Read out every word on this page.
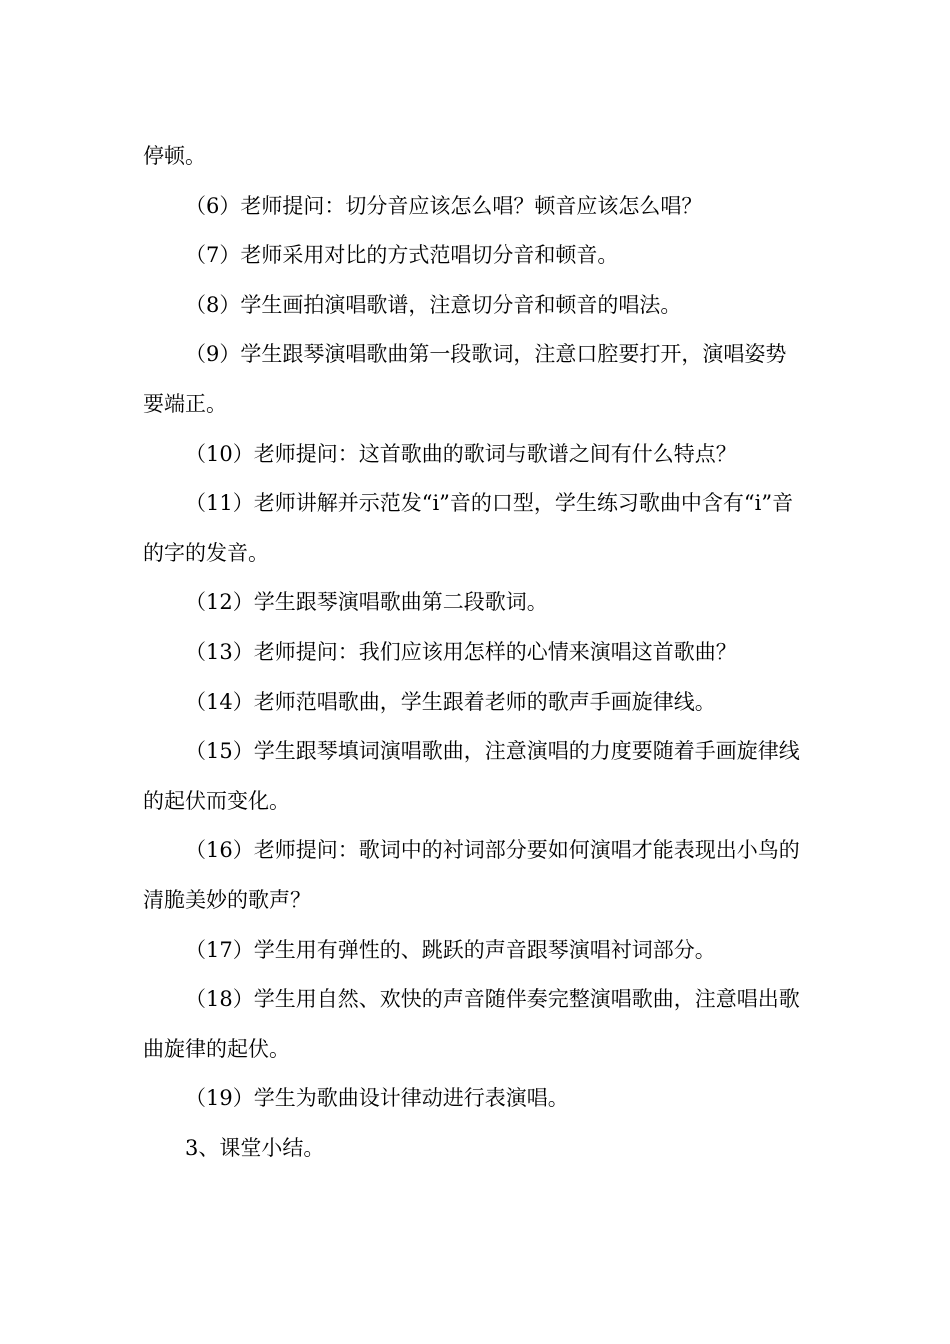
停顿。

（6）老师提问：切分音应该怎么唱？顿音应该怎么唱？

（7）老师采用对比的方式范唱切分音和顿音。

（8）学生画拍演唱歌谱，注意切分音和顿音的唱法。

（9）学生跟琴演唱歌曲第一段歌词，注意口腔要打开，演唱姿势要端正。

（10）老师提问：这首歌曲的歌词与歌谱之间有什么特点？

（11）老师讲解并示范发“i”音的口型，学生练习歌曲中含有“i”音的字的发音。

（12）学生跟琴演唱歌曲第二段歌词。

（13）老师提问：我们应该用怎样的心情来演唱这首歌曲？

（14）老师范唱歌曲，学生跟着老师的歌声手画旋律线。

（15）学生跟琴填词演唱歌曲，注意演唱的力度要随着手画旋律线的起伏而变化。

（16）老师提问：歌词中的衬词部分要如何演唱才能表现出小鸟的清脆美妙的歌声？

（17）学生用有弹性的、跳跃的声音跟琴演唱衬词部分。

（18）学生用自然、欢快的声音随伴奏完整演唱歌曲，注意唱出歌曲旋律的起伏。

（19）学生为歌曲设计律动进行表演唱。

3、课堂小结。
